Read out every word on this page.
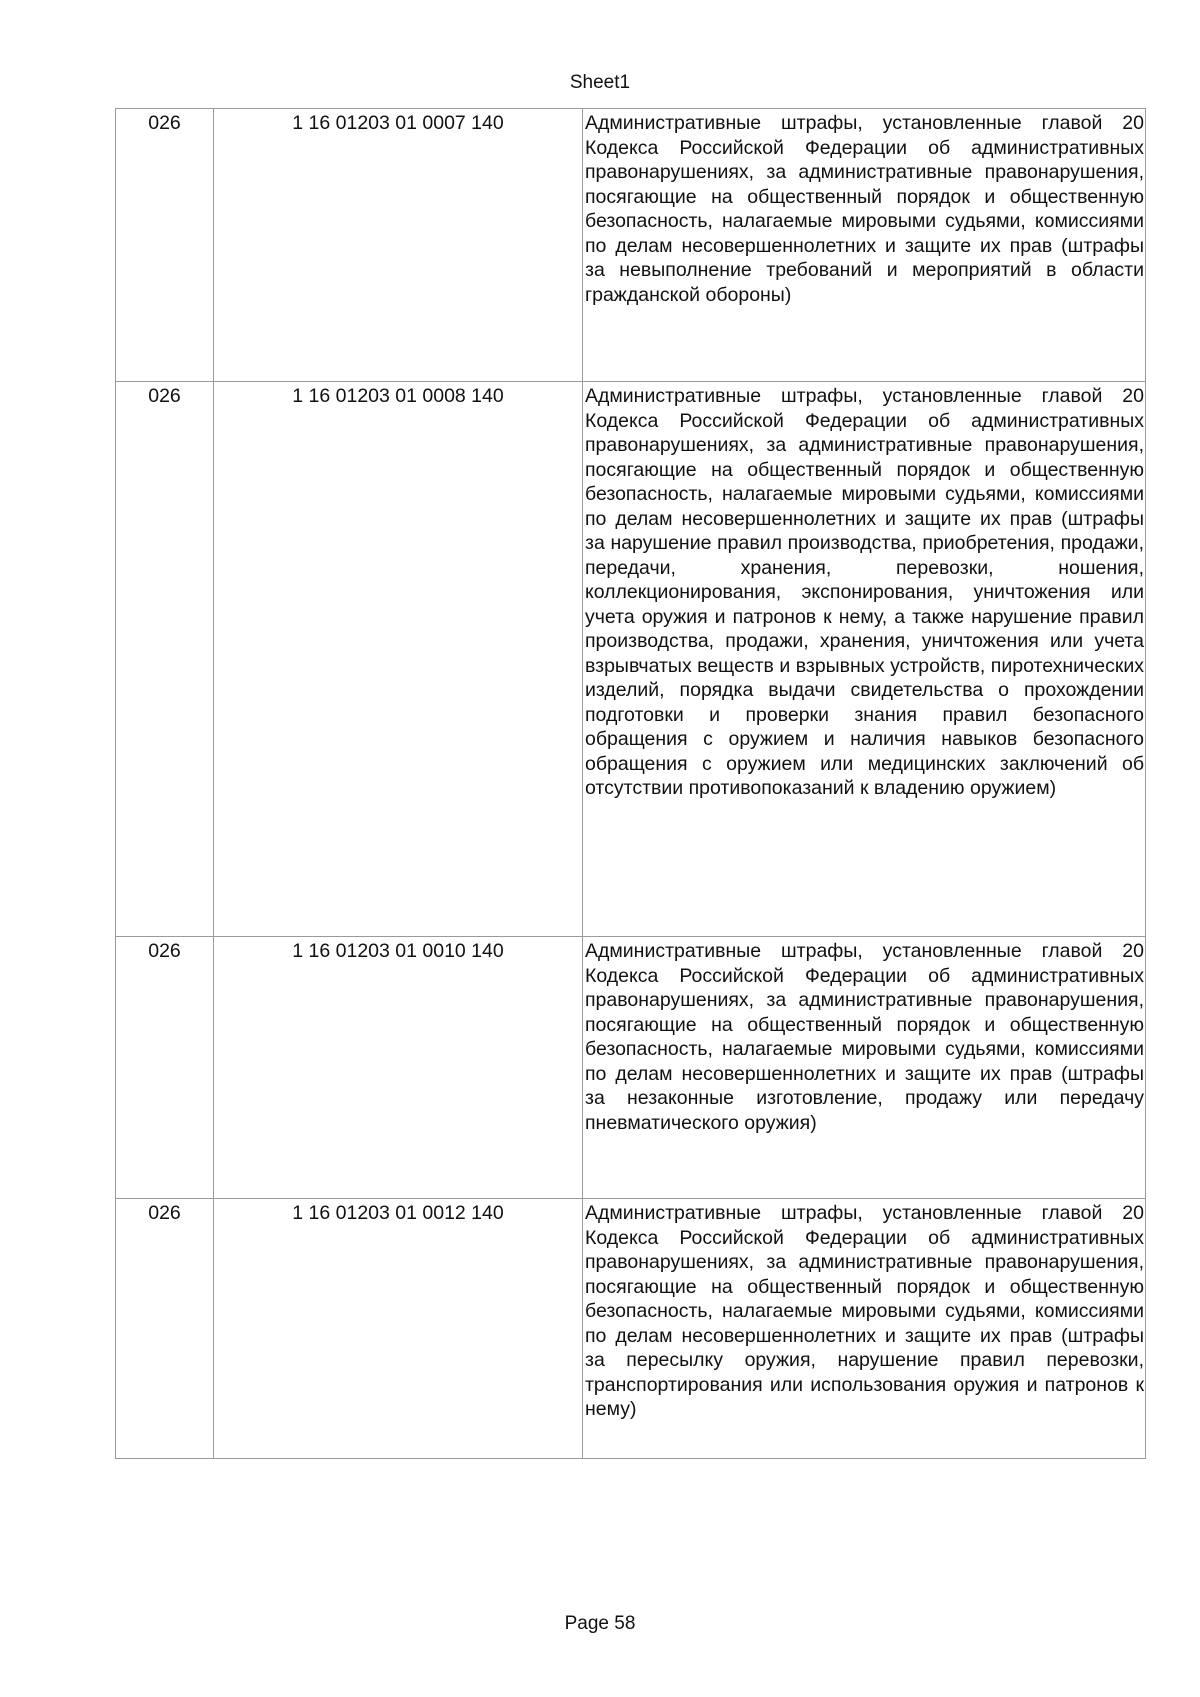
Sheet1
026	1 16 01203 01 0007 140	Административные штрафы, установленные главой 20 Кодекса Российской Федерации об административных правонарушениях, за административные правонарушения, посягающие на общественный порядок и общественную безопасность, налагаемые мировыми судьями, комиссиями по делам несовершеннолетних и защите их прав (штрафы за невыполнение требований и мероприятий в области гражданской обороны)

026	1 16 01203 01 0008 140	Административные штрафы, установленные главой 20 Кодекса Российской Федерации об административных правонарушениях, за административные правонарушения, посягающие на общественный порядок и общественную безопасность, налагаемые мировыми судьями, комиссиями по делам несовершеннолетних и защите их прав (штрафы за нарушение правил производства, приобретения, продажи, передачи, хранения, перевозки, ношения, коллекционирования, экспонирования, уничтожения или учета оружия и патронов к нему, а также нарушение правил производства, продажи, хранения, уничтожения или учета взрывчатых веществ и взрывных устройств, пиротехнических изделий, порядка выдачи свидетельства о прохождении подготовки и проверки знания правил безопасного обращения с оружием и наличия навыков безопасного обращения с оружием или медицинских заключений об отсутствии противопоказаний к владению оружием)

026	1 16 01203 01 0010 140	Административные штрафы, установленные главой 20 Кодекса Российской Федерации об административных правонарушениях, за административные правонарушения, посягающие на общественный порядок и общественную безопасность, налагаемые мировыми судьями, комиссиями по делам несовершеннолетних и защите их прав (штрафы за незаконные изготовление, продажу или передачу пневматического оружия)

026	1 16 01203 01 0012 140	Административные штрафы, установленные главой 20 Кодекса Российской Федерации об административных правонарушениях, за административные правонарушения, посягающие на общественный порядок и общественную безопасность, налагаемые мировыми судьями, комиссиями по делам несовершеннолетних и защите их прав (штрафы за пересылку оружия, нарушение правил перевозки, транспортирования или использования оружия и патронов к нему)
Page 58
